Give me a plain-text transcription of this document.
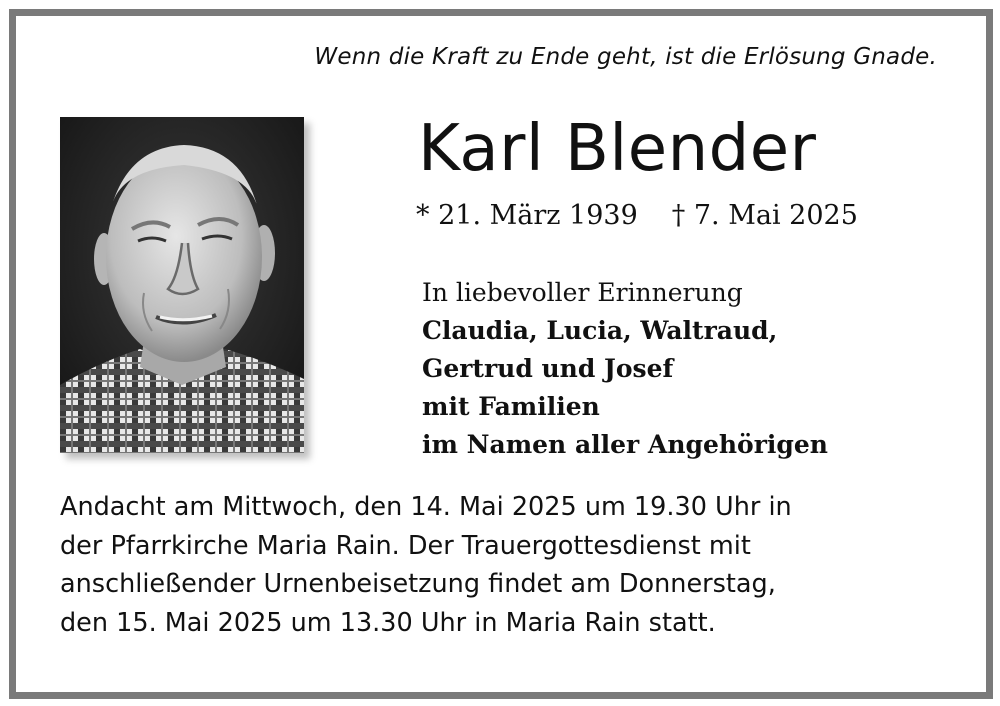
Wenn die Kraft zu Ende geht, ist die Erlösung Gnade.
Karl Blender
* 21. März 1939 † 7. Mai 2025
In liebevoller Erinnerung
Claudia, Lucia, Waltraud,
Gertrud und Josef
mit Familien
im Namen aller Angehörigen
Andacht am Mittwoch, den 14. Mai 2025 um 19.30 Uhr in
der Pfarrkirche Maria Rain. Der Trauergottesdienst mit
anschließender Urnenbeisetzung findet am Donnerstag,
den 15. Mai 2025 um 13.30 Uhr in Maria Rain statt.
